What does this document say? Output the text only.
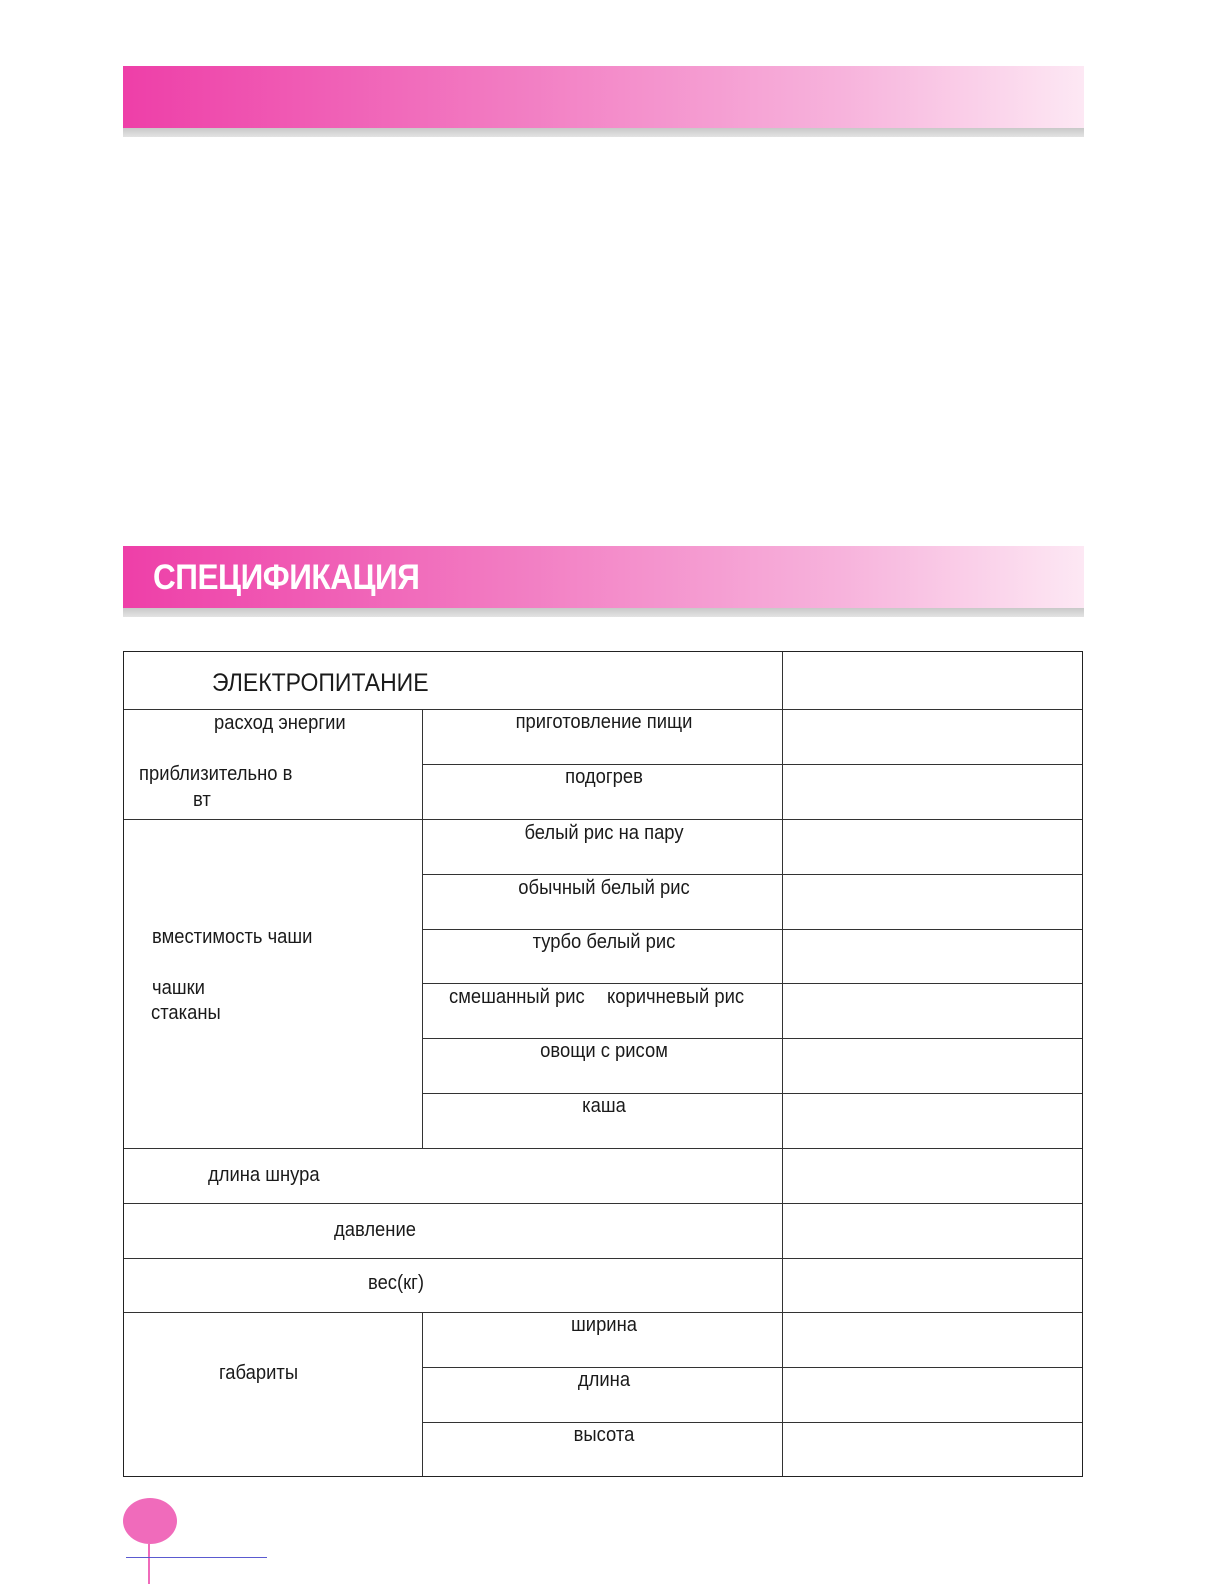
СПЕЦИФИКАЦИЯ
ЭЛЕКТРОПИТАНИЕ
расход энергии
приблизительно в
вт
приготовление пищи
подогрев
вместимость чаши
чашки
стаканы
белый рис на пару
обычный белый рис
турбо белый рис
смешанный рис коричневый рис
овощи с рисом
каша
длина шнура
давление
вес(кг)
габариты
ширина
длина
высота
